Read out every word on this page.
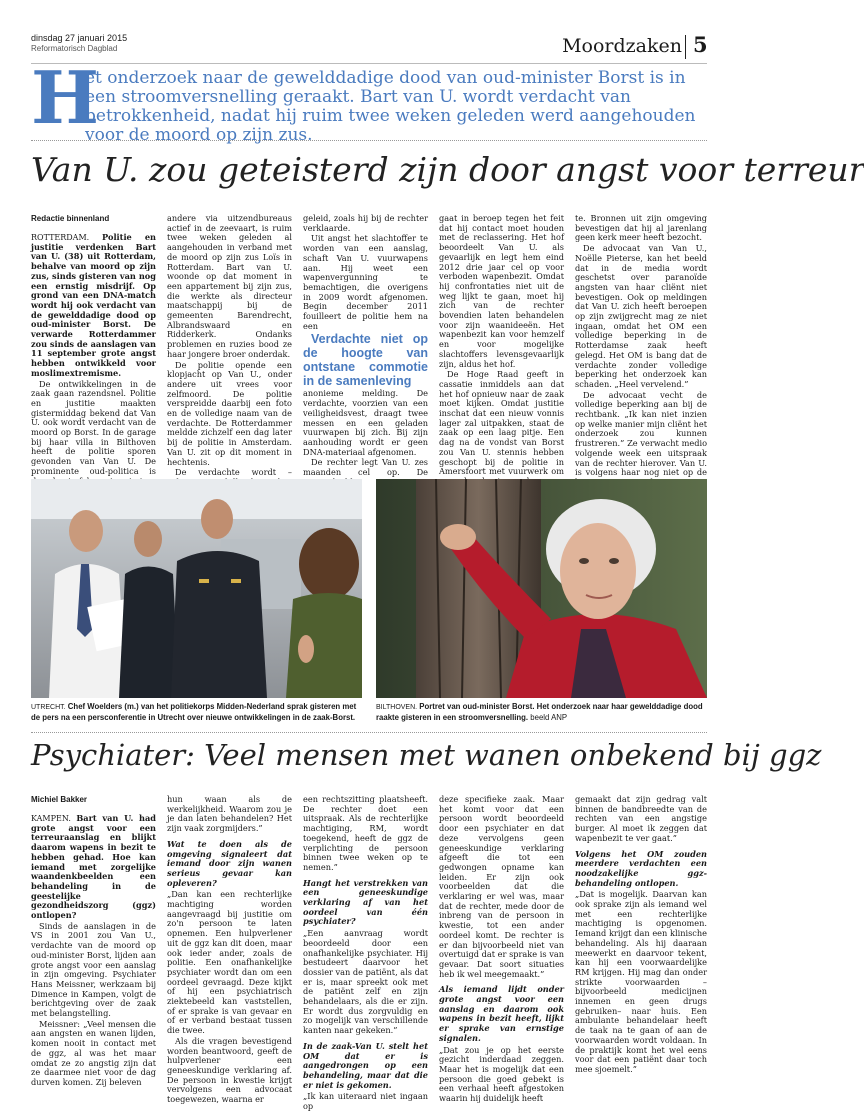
dinsdag 27 januari 2015
Reformatorisch Dagblad	Moordzaken 5
H
et onderzoek naar de gewelddadige dood van oud-minister Borst is in een stroomversnelling geraakt. Bart van U. wordt verdacht van betrokkenheid, nadat hij ruim twee weken geleden werd aangehouden voor de moord op zijn zus.
Van U. zou geteisterd zijn door angst voor terreur
Redactie binnenland

ROTTERDAM. Politie en justitie verdenken Bart van U. (38) uit Rotterdam, behalve van moord op zijn zus, sinds gisteren van nog een ernstig misdrijf. Op grond van een DNA-match wordt hij ook verdacht van de gewelddadige dood op oud-minister Borst. De verwarde Rotterdammer zou sinds de aanslagen van 11 september grote angst hebben ontwikkeld voor moslimextremisme.

De ontwikkelingen in de zaak gaan razendsnel. Politie en justitie maakten gistermiddag bekend dat Van U. ook wordt verdacht van de moord op Borst. In de garage bij haar villa in Bilthoven heeft de politie sporen gevonden van Van U. De prominente oud-politica is

andere via uitzendbureaus actief in de zeevaart, is ruim twee weken geleden al aangehouden in verband met de moord op zijn zus Loïs in Rotterdam. Bart van U. woonde op dat moment in een appartement bij zijn zus, die werkte als directeur maatschappij bij de gemeenten Barendrecht, Albrandswaard en Ridderkerk. Ondanks problemen en ruzies bood ze haar jongere broer onderdak.

De politie opende een klopjacht op Van U., onder andere uit vrees voor zelfmoord. De politie verspreidde daarbij een foto en de volledige naam van de verdachte. De Rotterdammer meldde zichzelf een dag later bij de politie in Amsterdam. Van U. zit op dit moment in hechtenis.

De verdachte wordt –

geleid, zoals hij bij de rechter verklaarde.

Uit angst het slachtoffer te worden van een aanslag, schaft Van U. vuurwapens aan. Hij weet een wapenvergunning te bemachtigen, die overigens in 2009 wordt afgenomen. Begin december 2011 fouilleert de politie hem na een

Verdachte niet op de hoogte van ontstane commotie in de samenleving

anonieme melding. De verdachte, voorzien van een veiligheidsvest, draagt twee messen en een geladen vuurwapen bij zich. Bij zijn aanhouding wordt er geen DNA-materiaal afgenomen.

De rechter legt Van U. zes maanden cel op. De

gaat in beroep tegen het feit dat hij contact moet houden met de reclassering. Het hof beoordeelt Van U. als gevaarlijk en legt hem eind 2012 drie jaar cel op voor verboden wapenbezit. Omdat hij confrontaties niet uit de weg lijkt te gaan, moet hij zich van de rechter bovendien laten behandelen voor zijn waanideeën. Het wapenbezit kan voor hemzelf en voor mogelijke slachtoffers levensgevaarlijk zijn, aldus het hof.

De Hoge Raad geeft in cassatie inmiddels aan dat het hof opnieuw naar de zaak moet kijken. Omdat justitie inschat dat een nieuw vonnis lager zal uitpakken, staat de zaak op een laag pitje. Een dag na de vondst van Borst zou Van U. stennis hebben geschopt bij de politie in Amersfoort met vuurwerk om

te. Bronnen uit zijn omgeving bevestigen dat hij al jarenlang geen kerk meer heeft bezocht.

De advocaat van Van U., Noëlle Pieterse, kan het beeld dat in de media wordt geschetst over paranoïde angsten van haar cliënt niet bevestigen. Ook op meldingen dat Van U. zich heeft beroepen op zijn zwijgrecht mag ze niet ingaan, omdat het OM een volledige beperking in de Rotterdamse zaak heeft gelegd. Het OM is bang dat de verdachte zonder volledige beperking het onderzoek kan schaden. „Heel vervelend.”

De advocaat vecht de volledige beperking aan bij de rechtbank. „Ik kan niet inzien op welke manier mijn cliënt het onderzoek zou kunnen frustreren.” Ze verwacht medio volgende week een uitspraak van de rechter hierover. Van U. is volgens haar nog niet op de

UTRECHT. Chef Woelders (m.) van het politiekorps Midden-Nederland sprak gisteren met de pers na een persconferentie in Utrecht over nieuwe ontwikkelingen in de zaak-Borst.
BILTHOVEN. Portret van oud-minister Borst. Het onderzoek naar haar gewelddadige dood raakte gisteren in een stroomversnelling. beeld ANP
Psychiater: Veel mensen met wanen onbekend bij ggz
Michiel Bakker

KAMPEN. Bart van U. had grote angst voor een terreuraanslag en blijkt daarom wapens in bezit te hebben gehad. Hoe kan iemand met zorgelijke waandenkbeelden een behandeling in de geestelijke gezondheidszorg (ggz) ontlopen?

Sinds de aanslagen in de VS in 2001 zou Van U., verdachte van de moord op oud-minister Borst, lijden aan grote angst voor een aanslag in zijn omgeving. Psychiater Hans Meissner, werkzaam bij Dimence in Kampen, volgt de berichtgeving over de zaak met belangstelling.

Meissner: „Veel mensen die aan angsten en wanen lijden, komen nooit in contact met de ggz, al was het maar omdat ze zo angstig zijn dat ze daarmee niet voor de dag durven komen. Zij beleven

hun waan als de werkelijkheid. Waarom zou je je dan laten behandelen? Het zijn vaak zorgmijders.”

Wat te doen als de omgeving signaleert dat iemand door zijn wanen serieus gevaar kan opleveren?

„Dan kan een rechterlijke machtiging worden aangevraagd bij justitie om zo'n persoon te laten opnemen. Een hulpverlener uit de ggz kan dit doen, maar ook ieder ander, zoals de politie. Een onafhankelijke psychiater wordt dan om een oordeel gevraagd. Deze kijkt of hij een psychiatrisch ziektebeeld kan vaststellen, of er sprake is van gevaar en of er verband bestaat tussen die twee.

Als die vragen bevestigend worden beantwoord, geeft de hulpverlener een geneeskundige verklaring af. De persoon in kwestie krijgt vervolgens een advocaat toegewezen, waarna er

een rechtszitting plaatsheeft. De rechter doet een uitspraak. Als de rechterlijke machtiging, RM, wordt toegekend, heeft de ggz de verplichting de persoon binnen twee weken op te nemen.”

Hangt het verstrekken van een geneeskundige verklaring af van het oordeel van één psychiater?

„Een aanvraag wordt beoordeeld door een onafhankelijke psychiater. Hij bestudeert daarvoor het dossier van de patiënt, als dat er is, maar spreekt ook met de patiënt zelf en zijn behandelaars, als die er zijn. Er wordt dus zorgvuldig en zo mogelijk van verschillende kanten naar gekeken.”

In de zaak-Van U. stelt het OM dat er is aangedrongen op een behandeling, maar dat die er niet is gekomen.

„Ik kan uiteraard niet ingaan op

deze specifieke zaak. Maar het komt voor dat een persoon wordt beoordeeld door een psychiater en dat deze vervolgens geen geneeskundige verklaring afgeeft die tot een gedwongen opname kan leiden. Er zijn ook voorbeelden dat die verklaring er wel was, maar dat de rechter, mede door de inbreng van de persoon in kwestie, tot een ander oordeel komt. De rechter is er dan bijvoorbeeld niet van overtuigd dat er sprake is van gevaar. Dat soort situaties heb ik wel meegemaakt.”

Als iemand lijdt onder grote angst voor een aanslag en daarom ook wapens in bezit heeft, lijkt er sprake van ernstige signalen.

„Dat zou je op het eerste gezicht inderdaad zeggen. Maar het is mogelijk dat een persoon die goed gebekt is een verhaal heeft afgestoken waarin hij duidelijk heeft

gemaakt dat zijn gedrag valt binnen de bandbreedte van de rechten van een angstige burger. Al moet ik zeggen dat wapenbezit te ver gaat.”

Volgens het OM zouden meerdere verdachten een noodzakelijke ggz-behandeling ontlopen.

„Dat is mogelijk. Daarvan kan ook sprake zijn als iemand wel met een rechterlijke machtiging is opgenomen. Iemand krijgt dan een klinische behandeling. Als hij daaraan meewerkt en daarvoor tekent, kan hij een voorwaardelijke RM krijgen. Hij mag dan onder strikte voorwaarden –bijvoorbeeld medicijnen innemen en geen drugs gebruiken– naar huis. Een ambulante behandelaar heeft de taak na te gaan of aan de voorwaarden wordt voldaan. In de praktijk komt het wel eens voor dat een patiënt daar toch mee sjoemelt.”
